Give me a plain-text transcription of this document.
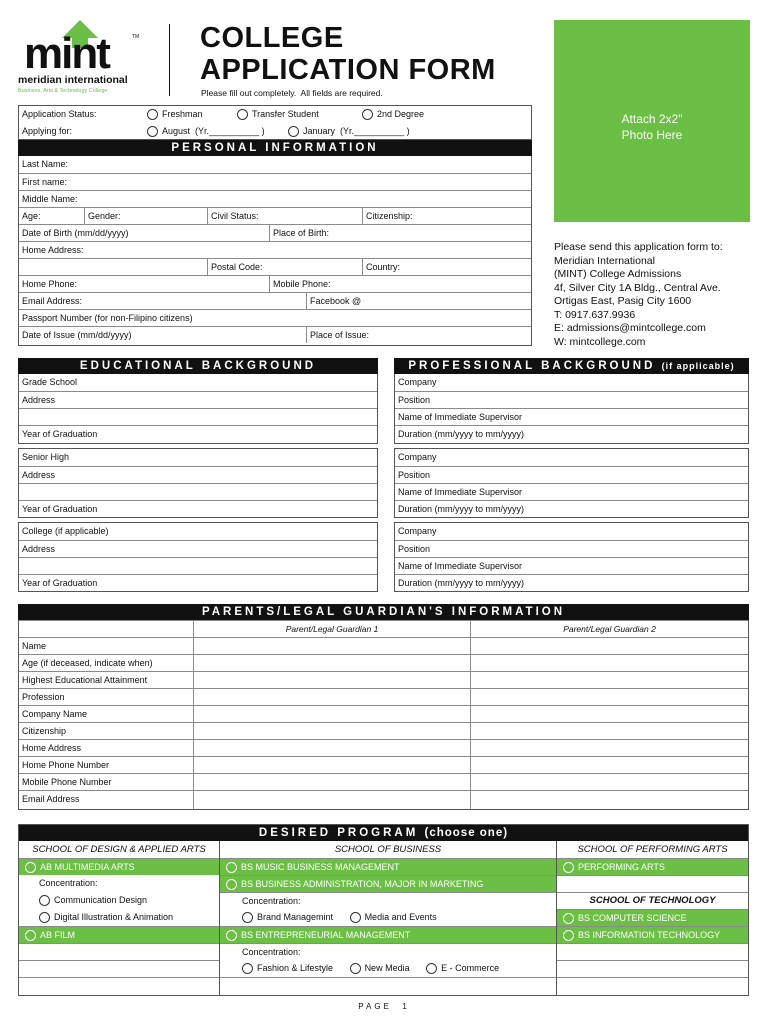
mint	TM
meridian international
Business, Arts & Technology College
COLLEGE
APPLICATION FORM
Please fill out completely.  All fields are required.
Attach 2x2"
Photo Here
Please send this application form to:
Meridian International
(MINT) College Admissions
4f, Silver City 1A Bldg., Central Ave.
Ortigas East, Pasig City 1600
T: 0917.637.9936
E: admissions@mintcollege.com
W: mintcollege.com
Application Status:	Freshman	Transfer Student	2nd Degree
Applying for:	August  (Yr.__________ )	January  (Yr.__________ )
PERSONAL INFORMATION
Last Name:
First name:
Middle Name:
Age:	Gender:	Civil Status:	Citizenship:
Date of Birth (mm/dd/yyyy)	Place of Birth:
Home Address:
Postal Code:	Country:
Home Phone:	Mobile Phone:
Email Address:	Facebook @
Passport Number (for non-Filipino citizens)
Date of Issue (mm/dd/yyyy)	Place of Issue:
EDUCATIONAL BACKGROUND
Grade School
Address
Year of Graduation
Senior High
Address
Year of Graduation
College (if applicable)
Address
Year of Graduation
PROFESSIONAL BACKGROUND (if applicable)
Company
Position
Name of Immediate Supervisor
Duration (mm/yyyy to mm/yyyy)
Company
Position
Name of Immediate Supervisor
Duration (mm/yyyy to mm/yyyy)
Company
Position
Name of Immediate Supervisor
Duration (mm/yyyy to mm/yyyy)
PARENTS/LEGAL GUARDIAN'S INFORMATION
Parent/Legal Guardian 1	Parent/Legal Guardian 2
Name
Age (if deceased, indicate when)
Highest Educational Attainment
Profession
Company Name
Citizenship
Home Address
Home Phone Number
Mobile Phone Number
Email Address
DESIRED PROGRAM (choose one)
SCHOOL OF DESIGN & APPLIED ARTS	SCHOOL OF BUSINESS	SCHOOL OF PERFORMING ARTS
AB MULTIMEDIA ARTS
Concentration:
Communication Design
Digital Illustration & Animation
AB FILM
BS MUSIC BUSINESS MANAGEMENT
BS BUSINESS ADMINISTRATION, MAJOR IN MARKETING
Concentration:
Brand Managemint	Media and Events
BS ENTREPRENEURIAL MANAGEMENT
Concentration:
Fashion & Lifestyle	New Media	E - Commerce
PERFORMING ARTS
SCHOOL OF TECHNOLOGY
BS COMPUTER SCIENCE
BS INFORMATION TECHNOLOGY
PAGE  1
